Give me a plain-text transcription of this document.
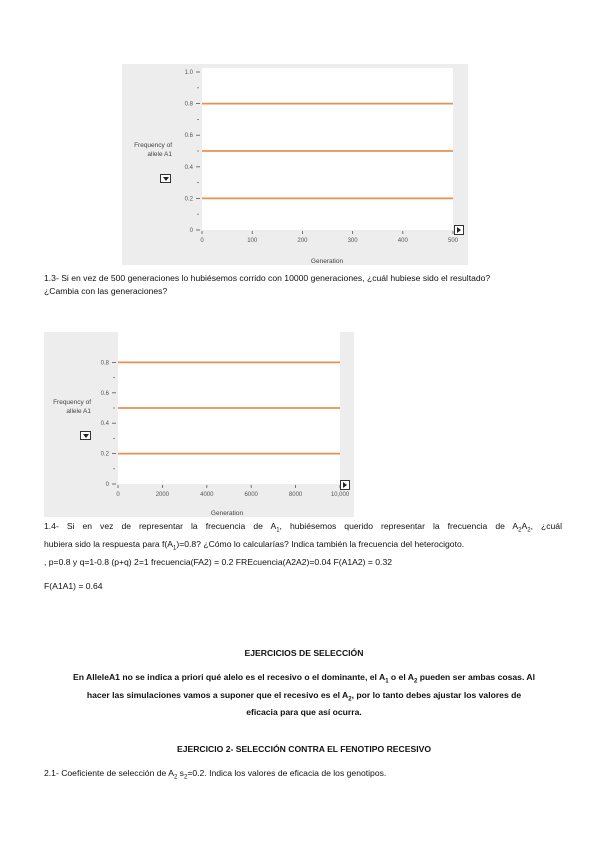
0
0.2
0.4
0.6
0.8
1.0
0	100	200	300	400	500
Frequency of
allele A1
Generation
1.3- Si en vez de 500 generaciones lo hubiésemos corrido con 10000 generaciones, ¿cuál hubiese sido el resultado?
¿Cambia con las generaciones?
0
0.2
0.4
0.6
0.8
0	2000	4000	6000	8000	10,000
Frequency of
allele A1
Generation
1.4- Si en vez de representar la frecuencia de $A_1$, hubiésemos querido representar la frecuencia de $A_2A_2$, ¿cuál
hubiera sido la respuesta para $f(A_1)=0.8$? ¿Cómo lo calcularías? Indica también la frecuencia del heterocigoto.
, p=0.8 y q=1-0.8 (p+q) 2=1 frecuencia(FA2) = 0.2 FREcuencia(A2A2)=0.04 F(A1A2) = 0.32
F(A1A1) = 0.64
EJERCICIOS DE SELECCIÓN
En AlleleA1 no se indica a priori qué alelo es el recesivo o el dominante, el $A_1$ o el $A_2$ pueden ser ambas cosas. Al
hacer las simulaciones vamos a suponer que el recesivo es el $A_2$, por lo tanto debes ajustar los valores de
eficacia para que así ocurra.
EJERCICIO 2- SELECCIÓN CONTRA EL FENOTIPO RECESIVO
2.1- Coeficiente de selección de $A_2$ $s_2=0.2$. Indica los valores de eficacia de los genotipos.
